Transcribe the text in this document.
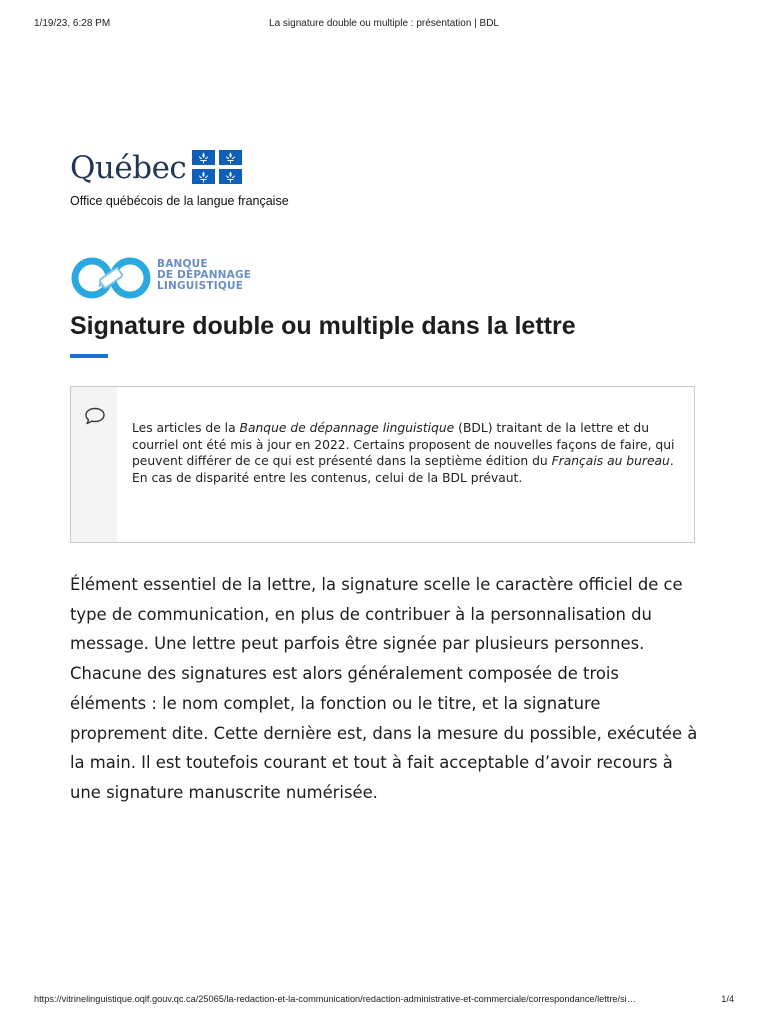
1/19/23, 6:28 PM	La signature double ou multiple : présentation | BDL
Québec
Office québécois de la langue française
BANQUE
DE DÉPANNAGE
LINGUISTIQUE
Signature double ou multiple dans la lettre
Les articles de la Banque de dépannage linguistique (BDL) traitant de la lettre et du courriel ont été mis à jour en 2022. Certains proposent de nouvelles façons de faire, qui peuvent différer de ce qui est présenté dans la septième édition du Français au bureau. En cas de disparité entre les contenus, celui de la BDL prévaut.

Élément essentiel de la lettre, la signature scelle le caractère officiel de ce type de communication, en plus de contribuer à la personnalisation du message. Une lettre peut parfois être signée par plusieurs personnes. Chacune des signatures est alors généralement composée de trois éléments : le nom complet, la fonction ou le titre, et la signature proprement dite. Cette dernière est, dans la mesure du possible, exécutée à la main. Il est toutefois courant et tout à fait acceptable d’avoir recours à une signature manuscrite numérisée.

https://vitrinelinguistique.oqlf.gouv.qc.ca/25065/la-redaction-et-la-communication/redaction-administrative-et-commerciale/correspondance/lettre/si…	1/4
